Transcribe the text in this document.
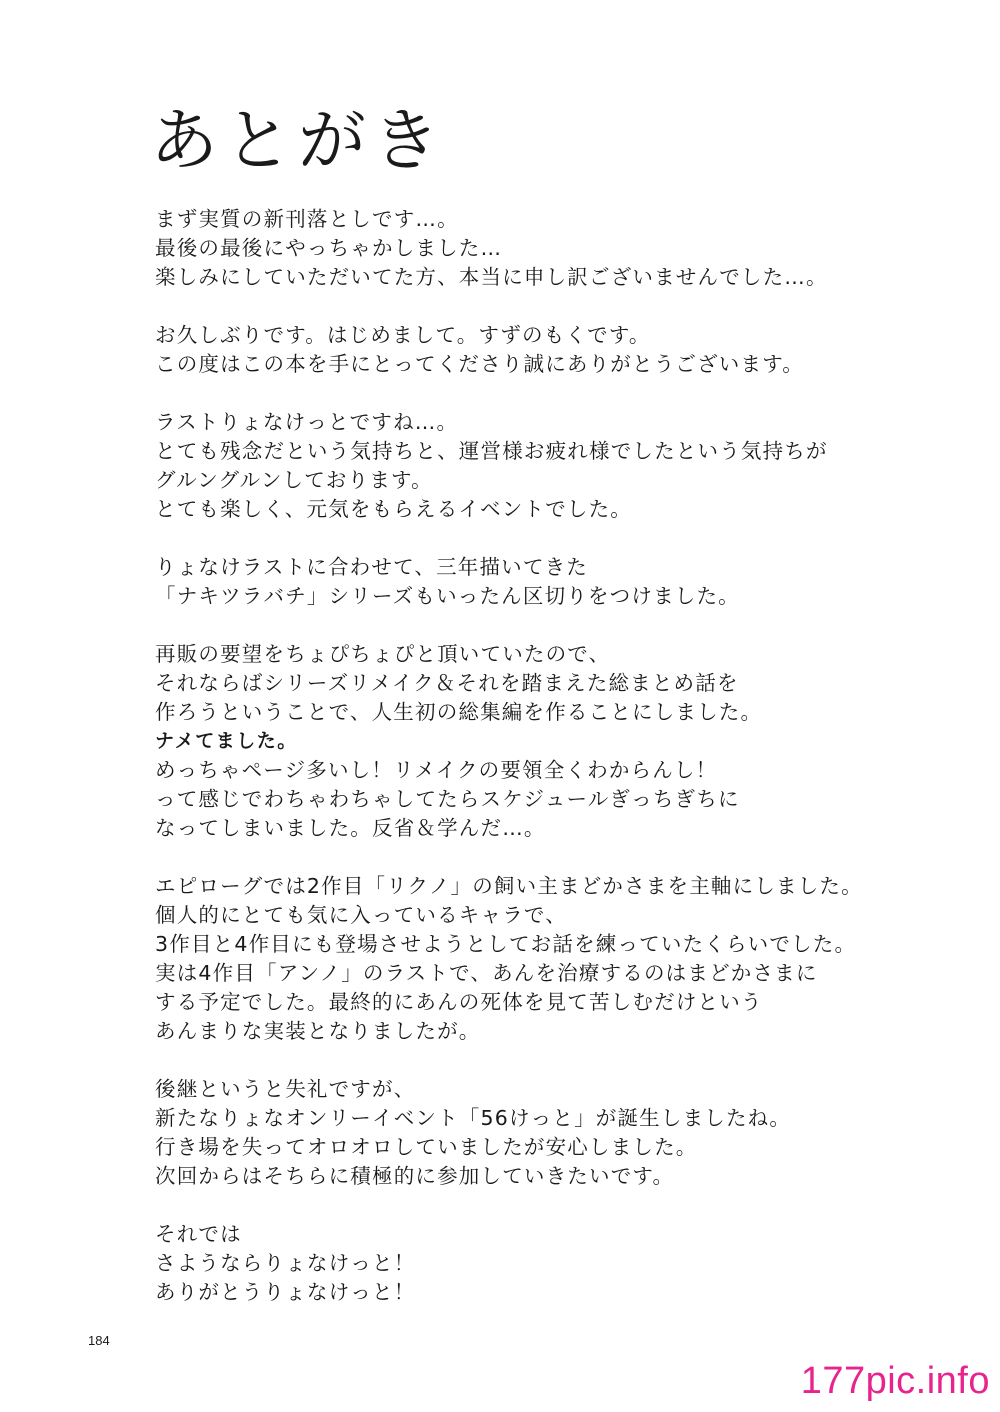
あとがき
まず実質の新刊落としです…。
最後の最後にやっちゃかしました…
楽しみにしていただいてた方、本当に申し訳ございませんでした…。
お久しぶりです。はじめまして。すずのもくです。
この度はこの本を手にとってくださり誠にありがとうございます。
ラストりょなけっとですね…。
とても残念だという気持ちと、運営様お疲れ様でしたという気持ちが
グルングルンしております。
とても楽しく、元気をもらえるイベントでした。
りょなけラストに合わせて、三年描いてきた
「ナキツラバチ」シリーズもいったん区切りをつけました。
再販の要望をちょぴちょぴと頂いていたので、
それならばシリーズリメイク＆それを踏まえた総まとめ話を
作ろうということで、人生初の総集編を作ることにしました。
ナメてました。
めっちゃページ多いし！リメイクの要領全くわからんし！
って感じでわちゃわちゃしてたらスケジュールぎっちぎちに
なってしまいました。反省＆学んだ…。
エピローグでは2作目「リクノ」の飼い主まどかさまを主軸にしました。
個人的にとても気に入っているキャラで、
3作目と4作目にも登場させようとしてお話を練っていたくらいでした。
実は4作目「アンノ」のラストで、あんを治療するのはまどかさまに
する予定でした。最終的にあんの死体を見て苦しむだけという
あんまりな実装となりましたが。
後継というと失礼ですが、
新たなりょなオンリーイベント「56けっと」が誕生しましたね。
行き場を失ってオロオロしていましたが安心しました。
次回からはそちらに積極的に参加していきたいです。
それでは
さようならりょなけっと！
ありがとうりょなけっと！
184
177pic.info
